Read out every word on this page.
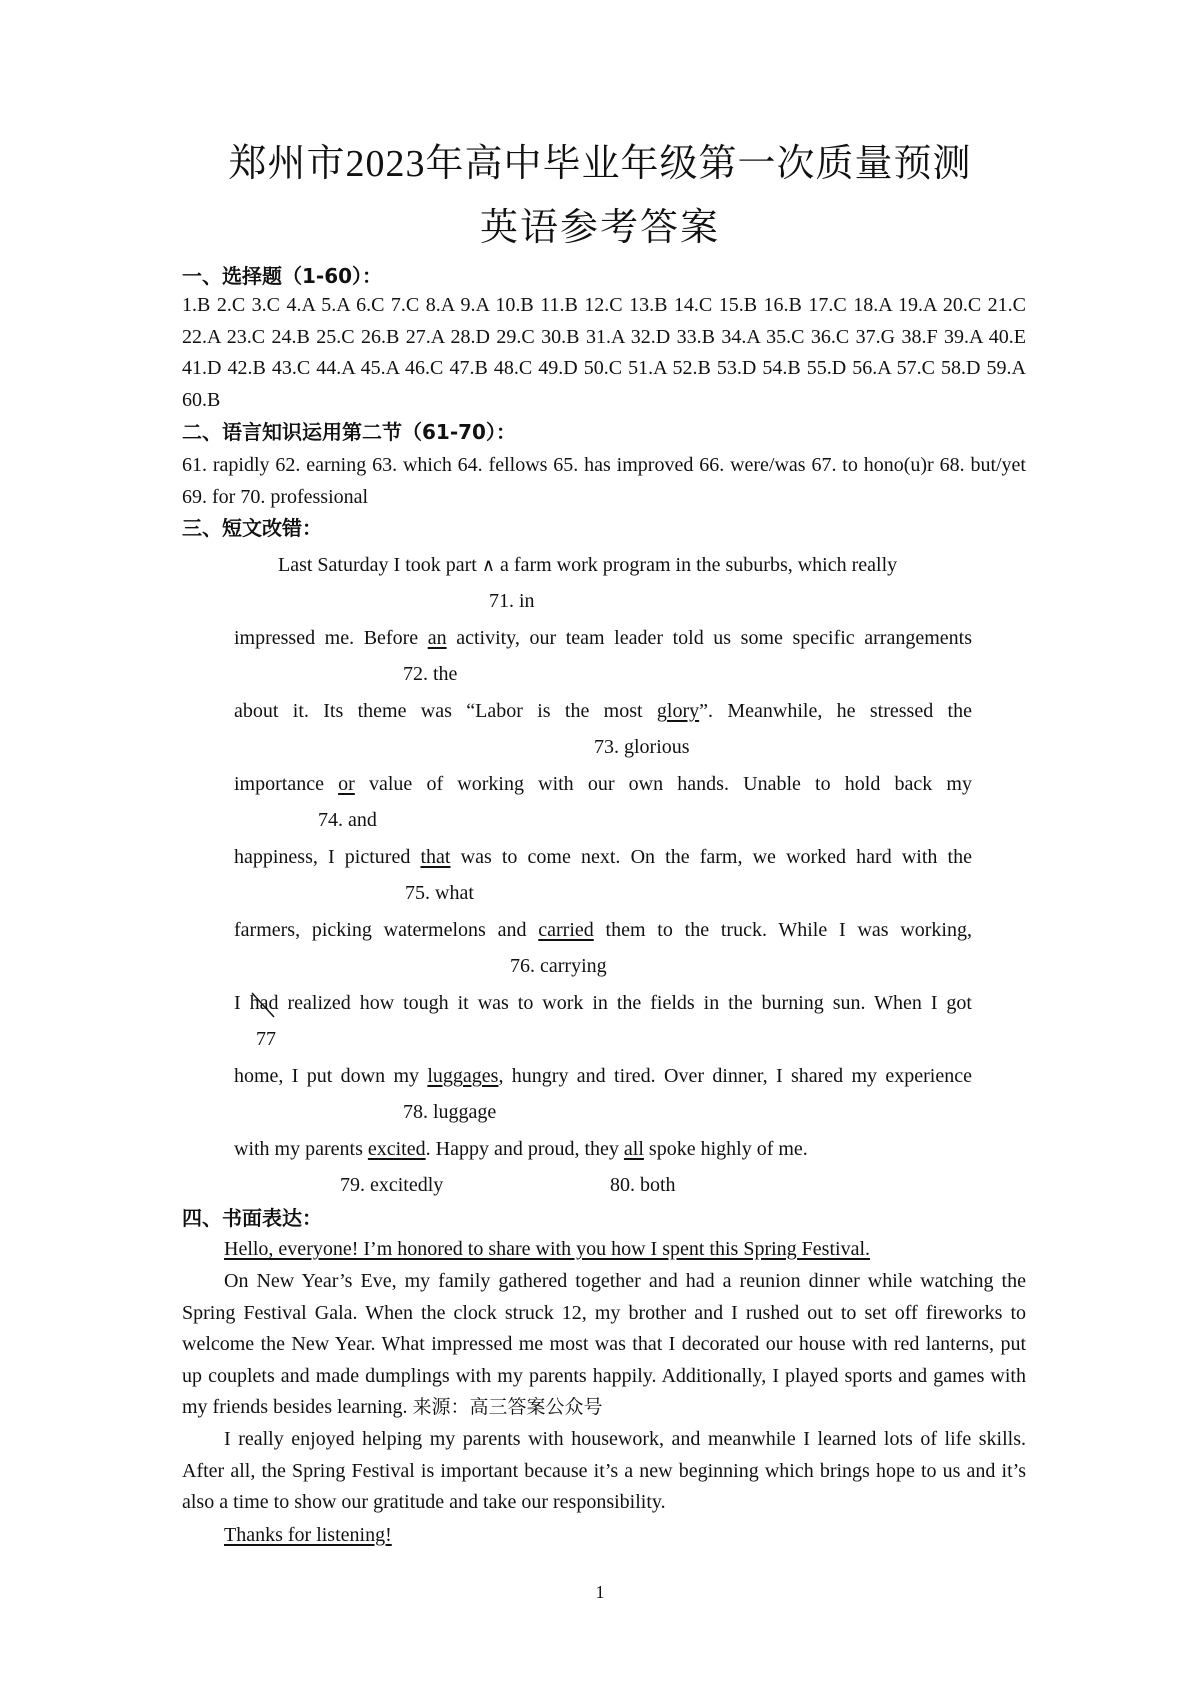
郑州市2023年高中毕业年级第一次质量预测
英语参考答案
一、选择题（1-60）：
1.B 2.C 3.C 4.A 5.A 6.C 7.C 8.A 9.A 10.B 11.B 12.C 13.B 14.C 15.B 16.B 17.C 18.A 19.A 20.C 21.C 22.A 23.C 24.B 25.C 26.B 27.A 28.D 29.C 30.B 31.A 32.D 33.B 34.A 35.C 36.C 37.G 38.F 39.A 40.E 41.D 42.B 43.C 44.A 45.A 46.C 47.B 48.C 49.D 50.C 51.A 52.B 53.D 54.B 55.D 56.A 57.C 58.D 59.A 60.B
二、语言知识运用第二节（61-70）：
61. rapidly 62. earning 63. which 64. fellows 65. has improved 66. were/was 67. to hono(u)r 68. but/yet 69. for 70. professional
三、短文改错：
Last Saturday I took part ∧ a farm work program in the suburbs, which really
71. in
impressed me. Before an activity, our team leader told us some specific arrangements
72. the
about it. Its theme was “Labor is the most glory”. Meanwhile, he stressed the
73. glorious
importance or value of working with our own hands. Unable to hold back my
74. and
happiness, I pictured that was to come next. On the farm, we worked hard with the
75. what
farmers, picking watermelons and carried them to the truck. While I was working,
76. carrying
I had
realized how tough it was to work in the fields in the burning sun. When I got
77
home, I put down my luggages, hungry and tired. Over dinner, I shared my experience
78. luggage
with my parents excited. Happy and proud, they all spoke highly of me.
79. excitedly	80. both
四、书面表达：
Hello, everyone! I’m honored to share with you how I spent this Spring Festival.
On New Year’s Eve, my family gathered together and had a reunion dinner while watching the Spring Festival Gala. When the clock struck 12, my brother and I rushed out to set off fireworks to welcome the New Year. What impressed me most was that I decorated our house with red lanterns, put up couplets and made dumplings with my parents happily. Additionally, I played sports and games with my friends besides learning. 来源：高三答案公众号
I really enjoyed helping my parents with housework, and meanwhile I learned lots of life skills. After all, the Spring Festival is important because it’s a new beginning which brings hope to us and it’s also a time to show our gratitude and take our responsibility.
Thanks for listening!
1
